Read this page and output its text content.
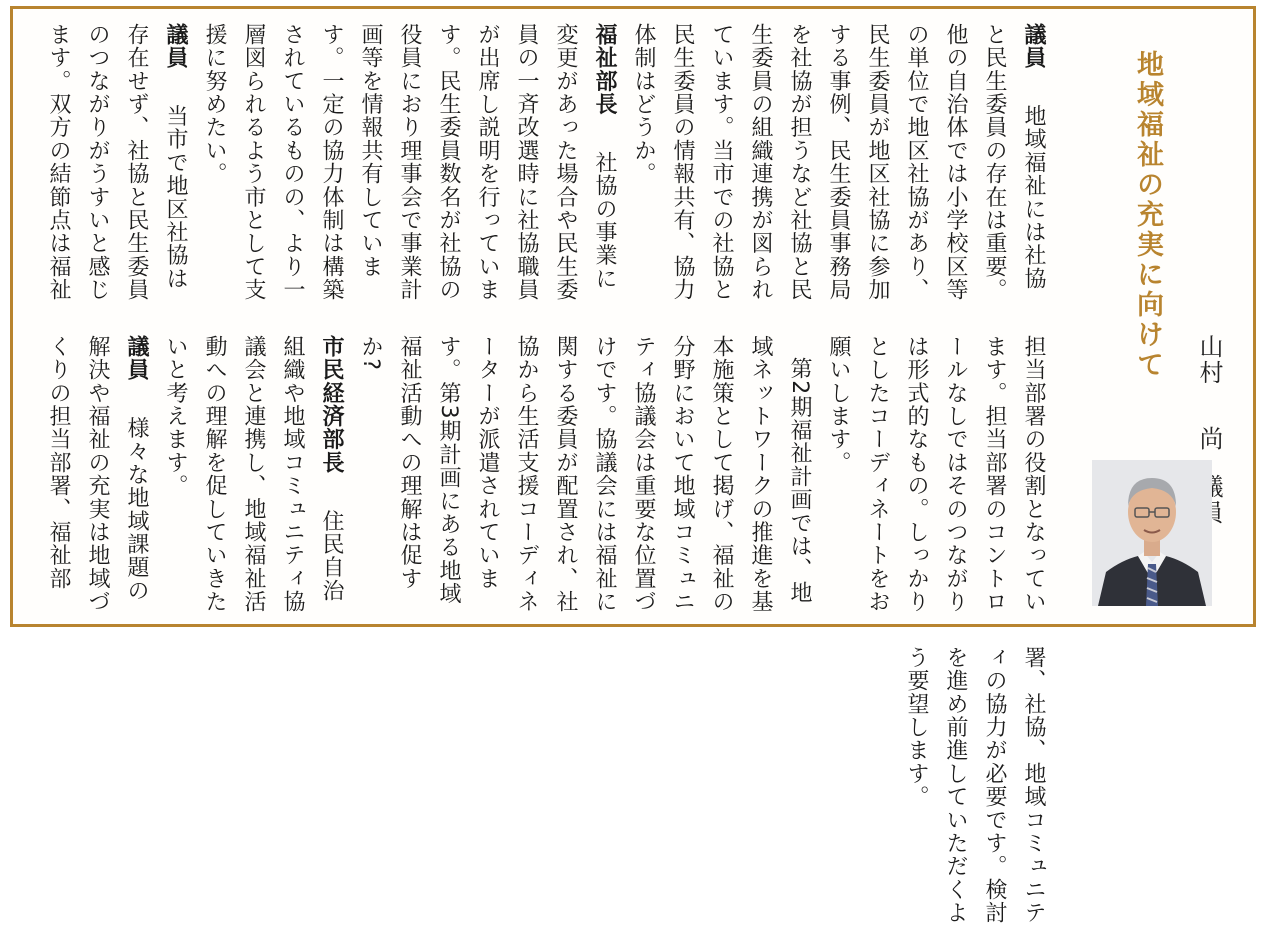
議員　地域福祉には社協と民生委員の存在は重要。他の自治体では小学校区等の単位で地区社協があり、民生委員が地区社協に参加する事例、民生委員事務局を社協が担うなど社協と民生委員の組織連携が図られています。当市での社協と民生委員の情報共有、協力体制はどうか。

福祉部長　社協の事業に変更があった場合や民生委員の一斉改選時に社協職員が出席し説明を行っています。民生委員数名が社協の役員におり理事会で事業計画等を情報共有しています。一定の協力体制は構築されているものの、より一層図られるよう市として支援に努めたい。

議員　当市で地区社協は存在せず、社協と民生委員のつながりがうすいと感じます。双方の結節点は福祉担当部署の役割となっています。担当部署のコントロールなしではそのつながりは形式的なもの。しっかりとしたコーディネートをお願いします。

第2期福祉計画では、地域ネットワークの推進を基本施策として掲げ、福祉の分野において地域コミュニティ協議会は重要な位置づけです。協議会には福祉に関する委員が配置され、社協から生活支援コーディネーターが派遣されています。第3期計画にある地域福祉活動への理解は促すか?

市民経済部長　住民自治組織や地域コミュニティ協議会と連携し、地域福祉活動への理解を促していきたいと考えます。

議員　様々な地域課題の解決や福祉の充実は地域づくりの担当部署、福祉部署、社協、地域コミュニティの協力が必要です。検討を進め前進していただくよう要望します。

地域福祉の充実に向けて 山村尚
